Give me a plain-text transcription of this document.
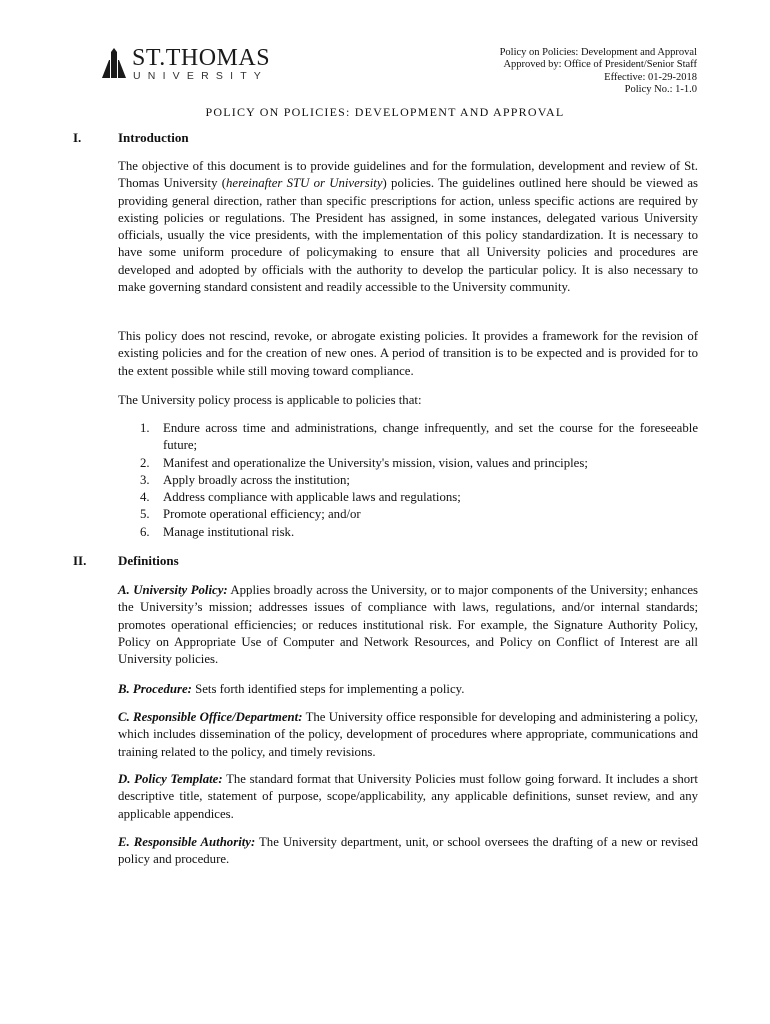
ST.THOMAS
UNIVERSITY
Policy on Policies: Development and Approval
Approved by: Office of President/Senior Staff
Effective: 01-29-2018
Policy No.: 1-1.0
POLICY ON POLICIES: DEVELOPMENT AND APPROVAL
I.	Introduction

The objective of this document is to provide guidelines and for the formulation, development and review of St. Thomas University (hereinafter STU or University) policies. The guidelines outlined here should be viewed as providing general direction, rather than specific prescriptions for action, unless specific actions are required by existing policies or regulations. The President has assigned, in some instances, delegated various University officials, usually the vice presidents, with the implementation of this policy standardization. It is necessary to have some uniform procedure of policymaking to ensure that all University policies and procedures are developed and adopted by officials with the authority to develop the particular policy. It is also necessary to make governing standard consistent and readily accessible to the University community.

This policy does not rescind, revoke, or abrogate existing policies. It provides a framework for the revision of existing policies and for the creation of new ones. A period of transition is to be expected and is provided for to the extent possible while still moving toward compliance.

The University policy process is applicable to policies that:

1. Endure across time and administrations, change infrequently, and set the course for the foreseeable future;
2. Manifest and operationalize the University's mission, vision, values and principles;
3. Apply broadly across the institution;
4. Address compliance with applicable laws and regulations;
5. Promote operational efficiency; and/or
6. Manage institutional risk.
II. Definitions

A. University Policy: Applies broadly across the University, or to major components of the University; enhances the University’s mission; addresses issues of compliance with laws, regulations, and/or internal standards; promotes operational efficiencies; or reduces institutional risk. For example, the Signature Authority Policy, Policy on Appropriate Use of Computer and Network Resources, and Policy on Conflict of Interest are all University policies.

B. Procedure: Sets forth identified steps for implementing a policy.

C. Responsible Office/Department: The University office responsible for developing and administering a policy, which includes dissemination of the policy, development of procedures where appropriate, communications and training related to the policy, and timely revisions.

D. Policy Template: The standard format that University Policies must follow going forward. It includes a short descriptive title, statement of purpose, scope/applicability, any applicable definitions, sunset review, and any applicable appendices.

E. Responsible Authority: The University department, unit, or school oversees the drafting of a new or revised policy and procedure.
